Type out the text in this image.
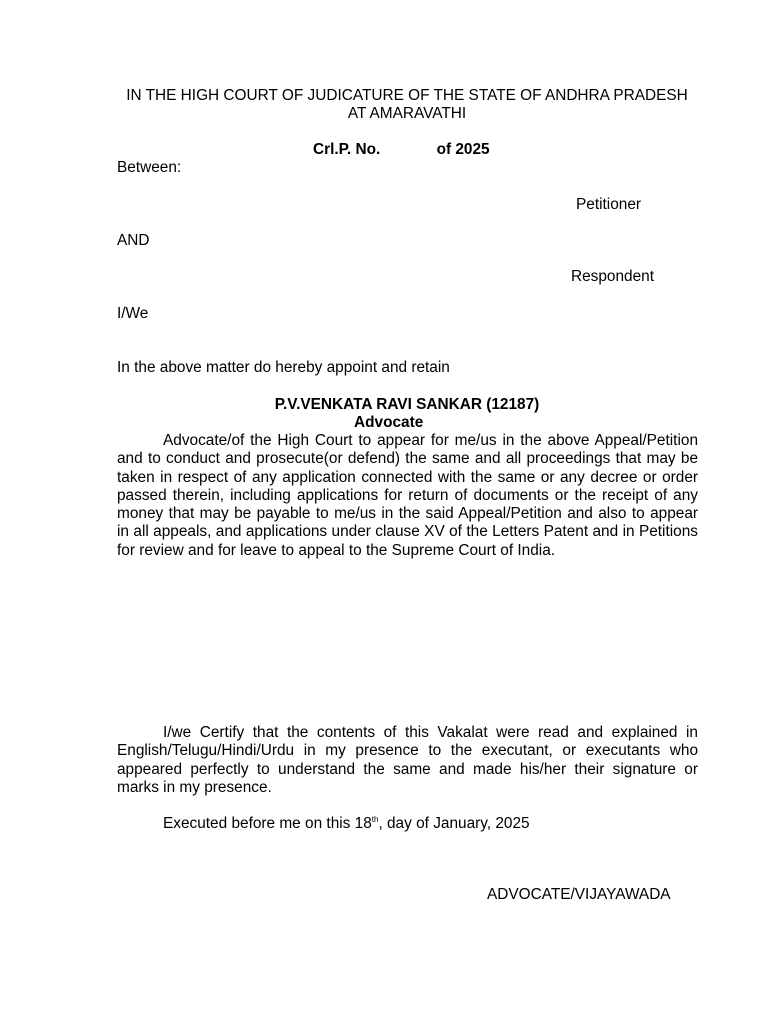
IN THE HIGH COURT OF JUDICATURE OF THE STATE OF ANDHRA PRADESH AT AMARAVATHI
Crl.P. No.	of 2025
Between:
Petitioner
AND
Respondent
I/We
In the above matter do hereby appoint and retain
P.V.VENKATA RAVI SANKAR (12187)
Advocate
Advocate/of the High Court to appear for me/us in the above Appeal/Petition and to conduct and prosecute(or defend) the same and all proceedings that may be taken in respect of any application connected with the same or any decree or order passed therein, including applications for return of documents or the receipt of any money that may be payable to me/us in the said Appeal/Petition and also to appear in all appeals, and applications under clause XV of the Letters Patent and in Petitions for review and for leave to appeal to the Supreme Court of India.
I/we Certify that the contents of this Vakalat were read and explained in English/Telugu/Hindi/Urdu in my presence to the executant, or executants who appeared perfectly to understand the same and made his/her their signature or marks in my presence.
Executed before me on this 18th, day of January, 2025
ADVOCATE/VIJAYAWADA
